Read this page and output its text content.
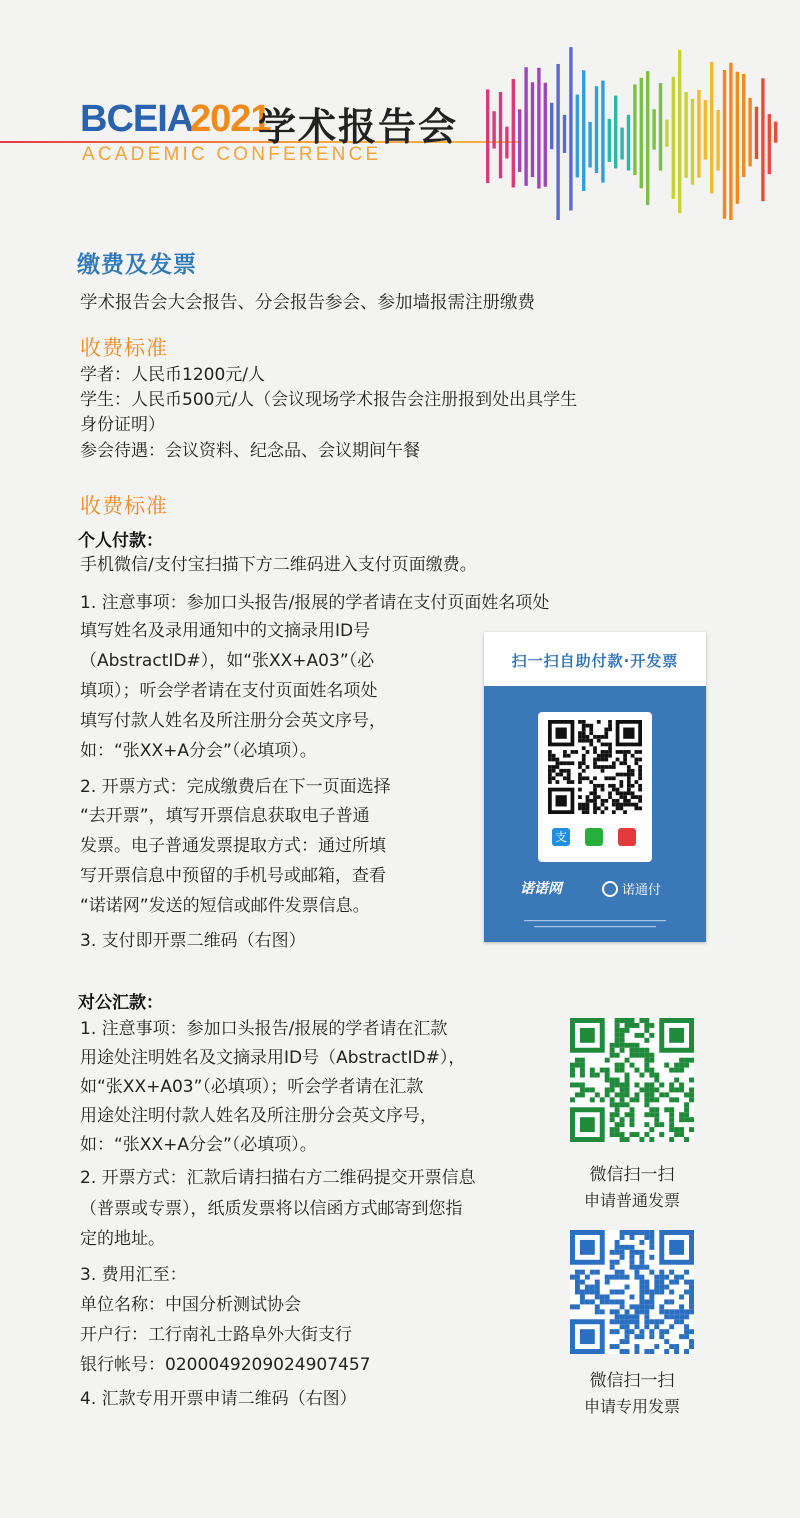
BCEIA
2021
学术报告会
ACADEMIC CONFERENCE
缴费及发票
学术报告会大会报告、分会报告参会、参加墙报需注册缴费
收费标准
学者：人民币1200元/人
学生：人民币500元/人（会议现场学术报告会注册报到处出具学生
身份证明）
参会待遇：会议资料、纪念品、会议期间午餐
收费标准
个人付款：
手机微信/支付宝扫描下方二维码进入支付页面缴费。
1. 注意事项：参加口头报告/报展的学者请在支付页面姓名项处
填写姓名及录用通知中的文摘录用ID号
（AbstractID#），如“张XX+A03”（必
填项）；听会学者请在支付页面姓名项处
填写付款人姓名及所注册分会英文序号，
如：“张XX+A分会”（必填项）。
2. 开票方式：完成缴费后在下一页面选择
“去开票”，填写开票信息获取电子普通
发票。电子普通发票提取方式：通过所填
写开票信息中预留的手机号或邮箱，查看
“诺诺网”发送的短信或邮件发票信息。
3. 支付即开票二维码（右图）
扫一扫自助付款·开发票
支
诺诺网	诺通付
对公汇款：
1. 注意事项：参加口头报告/报展的学者请在汇款
用途处注明姓名及文摘录用ID号（AbstractID#），
如“张XX+A03”（必填项）；听会学者请在汇款
用途处注明付款人姓名及所注册分会英文序号，
如：“张XX+A分会”（必填项）。
2. 开票方式：汇款后请扫描右方二维码提交开票信息
（普票或专票），纸质发票将以信函方式邮寄到您指
定的地址。
3. 费用汇至：
单位名称：中国分析测试协会
开户行：工行南礼士路阜外大街支行
银行帐号：0200049209024907457
4. 汇款专用开票申请二维码（右图）
微信扫一扫
申请普通发票
微信扫一扫
申请专用发票
